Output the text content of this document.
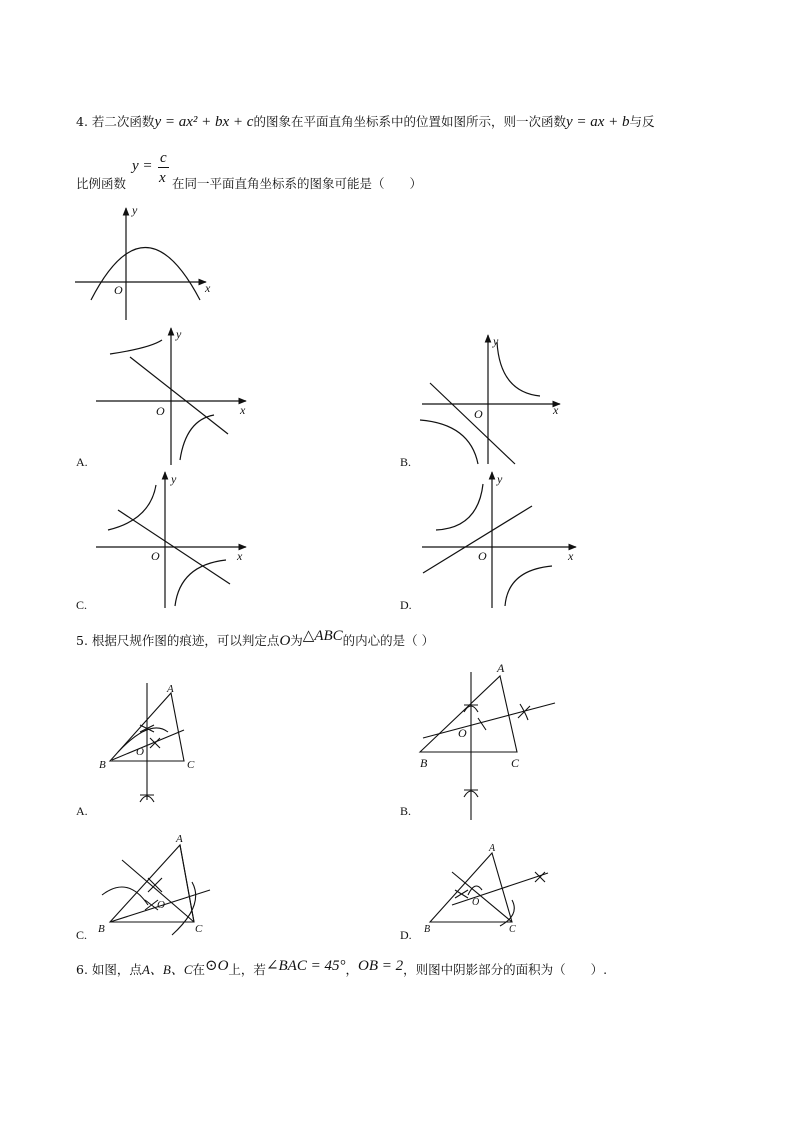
4. 若二次函数y = ax² + bx + c的图象在平面直角坐标系中的位置如图所示，则一次函数y = ax + b与反
比例函数
y = c
x 在同一平面直角坐标系的图象可能是（　　）
x
y
O
x
y
O	x
y
O
x
y
O	x
y
O
A.	B.
C.	D.
5. 根据尺规作图的痕迹，可以判定点O为△ABC的内心的是（ ）
A
B	C
O
A
B	C
O
A
B	C
O
A
B	C
O
A.	B.
C.	D.
6. 如图，点A、B、C在⊙O上，若∠BAC = 45°，OB = 2，则图中阴影部分的面积为（　　）.
